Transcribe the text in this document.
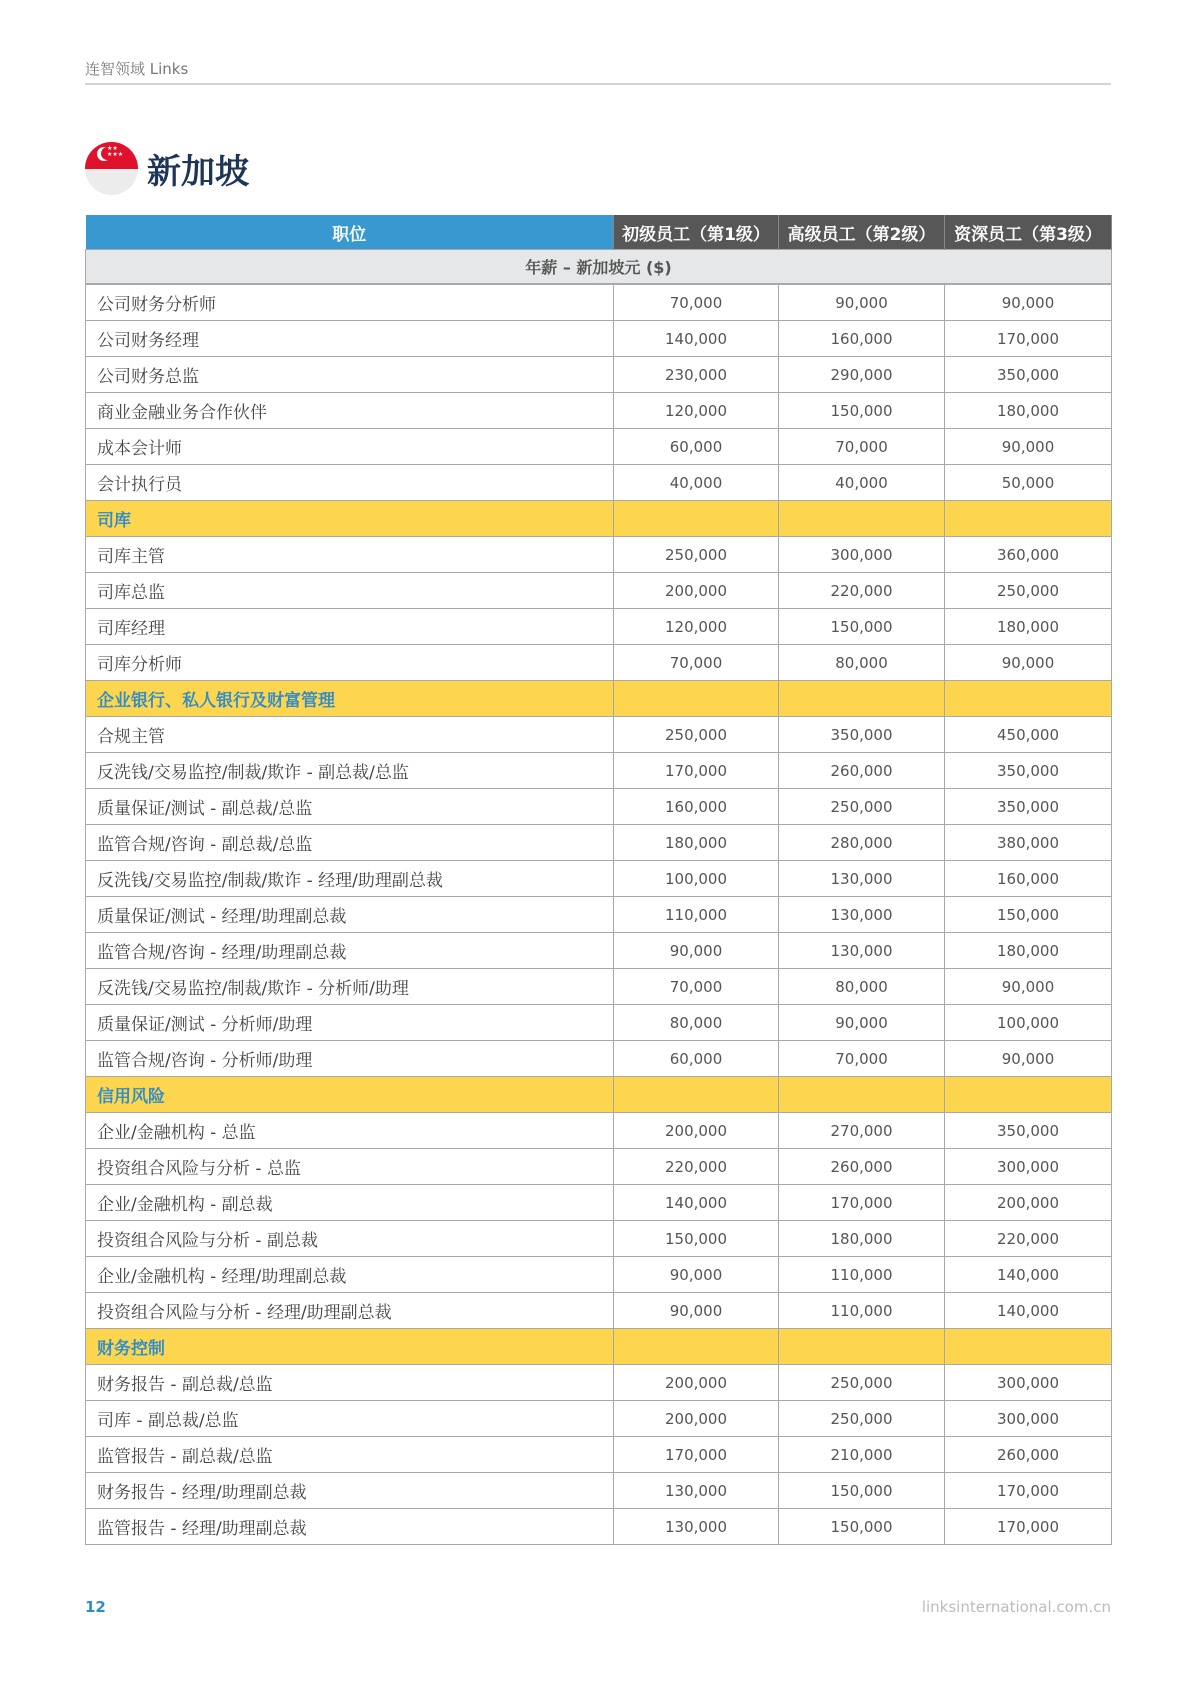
连智领域 Links
★★
★★★ 新加坡
职位	初级员工（第1级）	高级员工（第2级）	资深员工（第3级）
年薪 – 新加坡元 ($)			
公司财务分析师	70,000	90,000	90,000
公司财务经理	140,000	160,000	170,000
公司财务总监	230,000	290,000	350,000
商业金融业务合作伙伴	120,000	150,000	180,000
成本会计师	60,000	70,000	90,000
会计执行员	40,000	40,000	50,000
司库			
司库主管	250,000	300,000	360,000
司库总监	200,000	220,000	250,000
司库经理	120,000	150,000	180,000
司库分析师	70,000	80,000	90,000
企业银行、私人银行及财富管理			
合规主管	250,000	350,000	450,000
反洗钱/交易监控/制裁/欺诈 - 副总裁/总监	170,000	260,000	350,000
质量保证/测试 - 副总裁/总监	160,000	250,000	350,000
监管合规/咨询 - 副总裁/总监	180,000	280,000	380,000
反洗钱/交易监控/制裁/欺诈 - 经理/助理副总裁	100,000	130,000	160,000
质量保证/测试 - 经理/助理副总裁	110,000	130,000	150,000
监管合规/咨询 - 经理/助理副总裁	90,000	130,000	180,000
反洗钱/交易监控/制裁/欺诈 - 分析师/助理	70,000	80,000	90,000
质量保证/测试 - 分析师/助理	80,000	90,000	100,000
监管合规/咨询 - 分析师/助理	60,000	70,000	90,000
信用风险			
企业/金融机构 - 总监	200,000	270,000	350,000
投资组合风险与分析 - 总监	220,000	260,000	300,000
企业/金融机构 - 副总裁	140,000	170,000	200,000
投资组合风险与分析 - 副总裁	150,000	180,000	220,000
企业/金融机构 - 经理/助理副总裁	90,000	110,000	140,000
投资组合风险与分析 - 经理/助理副总裁	90,000	110,000	140,000
财务控制			
财务报告 - 副总裁/总监	200,000	250,000	300,000
司库 - 副总裁/总监	200,000	250,000	300,000
监管报告 - 副总裁/总监	170,000	210,000	260,000
财务报告 - 经理/助理副总裁	130,000	150,000	170,000
监管报告 - 经理/助理副总裁	130,000	150,000	170,000
12	linksinternational.com.cn
